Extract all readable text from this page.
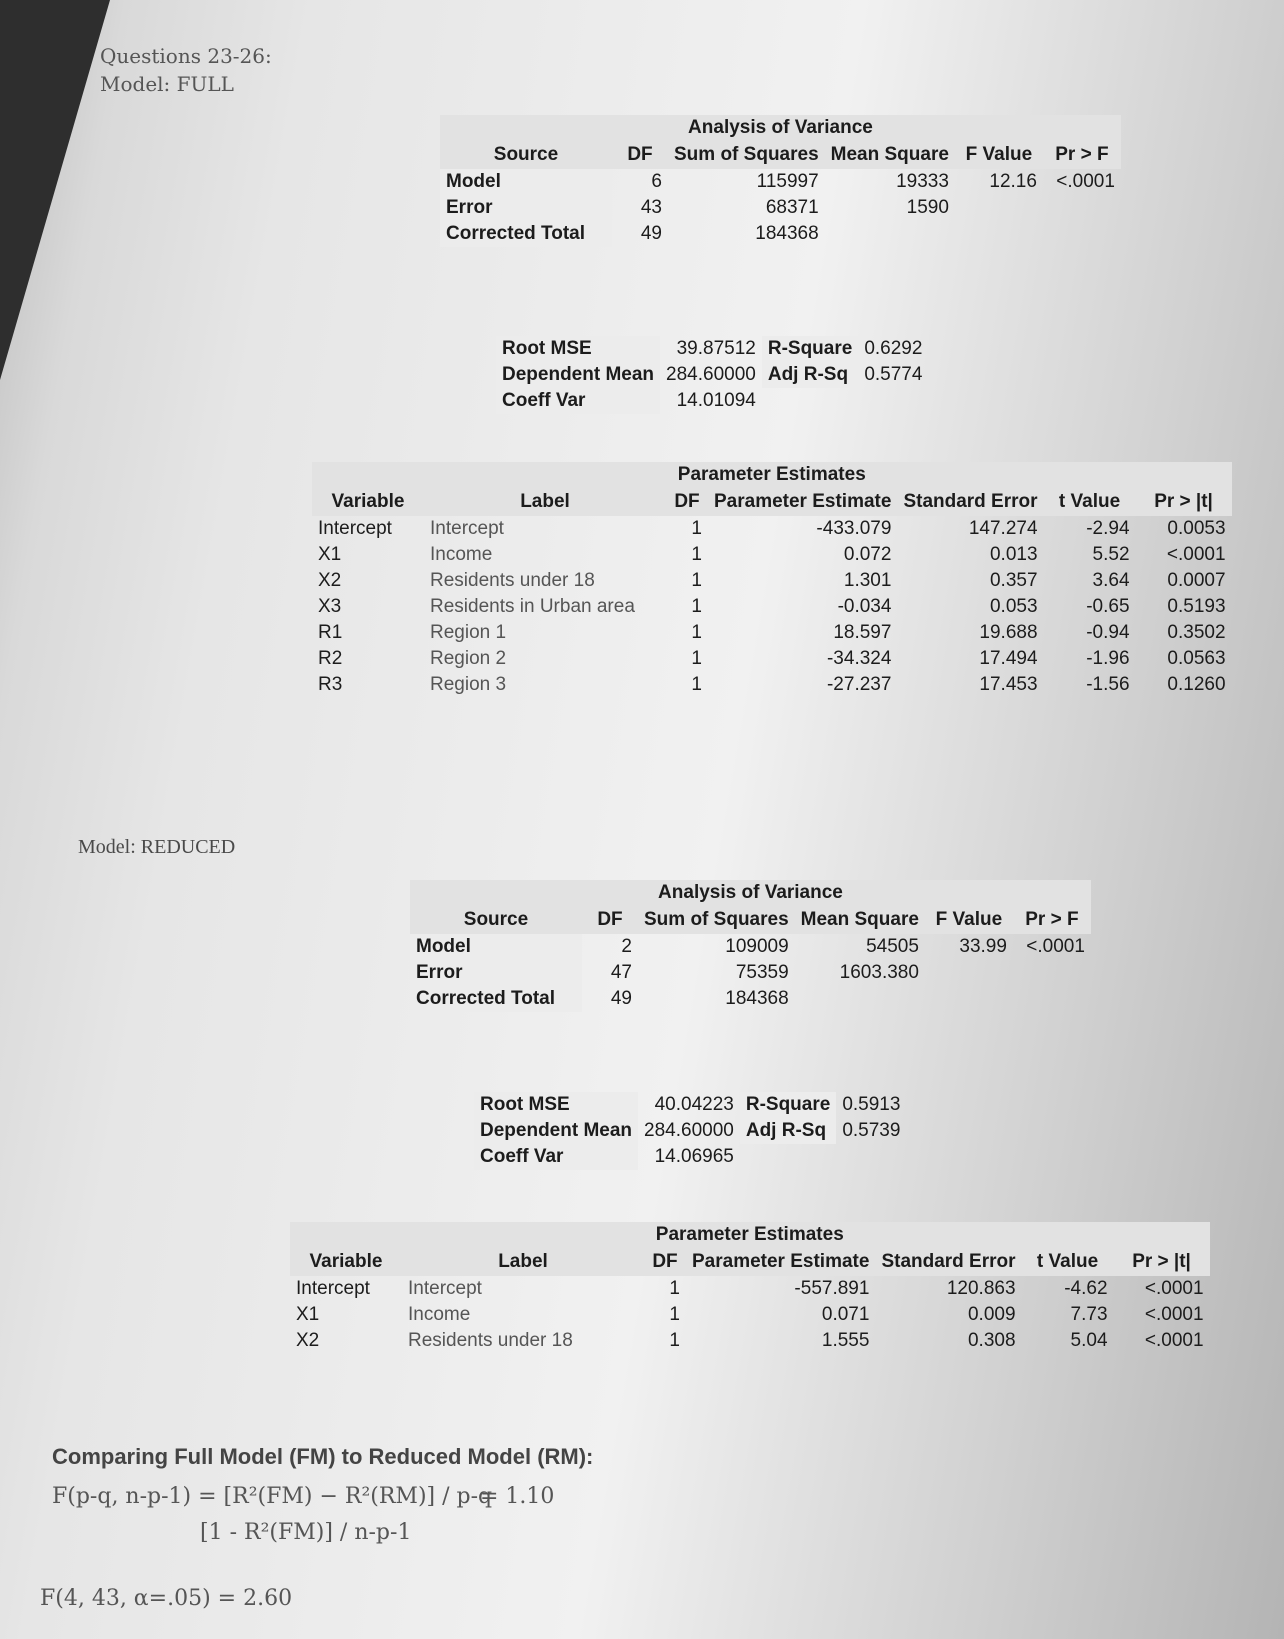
Questions 23-26:
Model: FULL
Analysis of Variance					
Source	DF	Sum of Squares	Mean Square	F Value	Pr > F
Model	6	115997	19333	12.16	<.0001
Error	43	68371	1590		
Corrected Total	49	184368			
Root MSE	39.87512	R-Square	0.6292
Dependent Mean	284.60000	Adj R-Sq	0.5774
Coeff Var	14.01094		
Parameter Estimates						
Variable	Label	DF	Parameter Estimate	Standard Error	t Value	Pr > |t|
Intercept	Intercept	1	-433.079	147.274	-2.94	0.0053
X1	Income	1	0.072	0.013	5.52	<.0001
X2	Residents under 18	1	1.301	0.357	3.64	0.0007
X3	Residents in Urban area	1	-0.034	0.053	-0.65	0.5193
R1	Region 1	1	18.597	19.688	-0.94	0.3502
R2	Region 2	1	-34.324	17.494	-1.96	0.0563
R3	Region 3	1	-27.237	17.453	-1.56	0.1260
Model: REDUCED
Analysis of Variance					
Source	DF	Sum of Squares	Mean Square	F Value	Pr > F
Model	2	109009	54505	33.99	<.0001
Error	47	75359	1603.380		
Corrected Total	49	184368			
Root MSE	40.04223	R-Square	0.5913
Dependent Mean	284.60000	Adj R-Sq	0.5739
Coeff Var	14.06965		
Parameter Estimates						
Variable	Label	DF	Parameter Estimate	Standard Error	t Value	Pr > |t|
Intercept	Intercept	1	-557.891	120.863	-4.62	<.0001
X1	Income	1	0.071	0.009	7.73	<.0001
X2	Residents under 18	1	1.555	0.308	5.04	<.0001
Comparing Full Model (FM) to Reduced Model (RM):
F(p-q, n-p-1) = [R²(FM) − R²(RM)] / p-q
= 1.10
[1 - R²(FM)] / n-p-1
F(4, 43, α=.05) = 2.60
